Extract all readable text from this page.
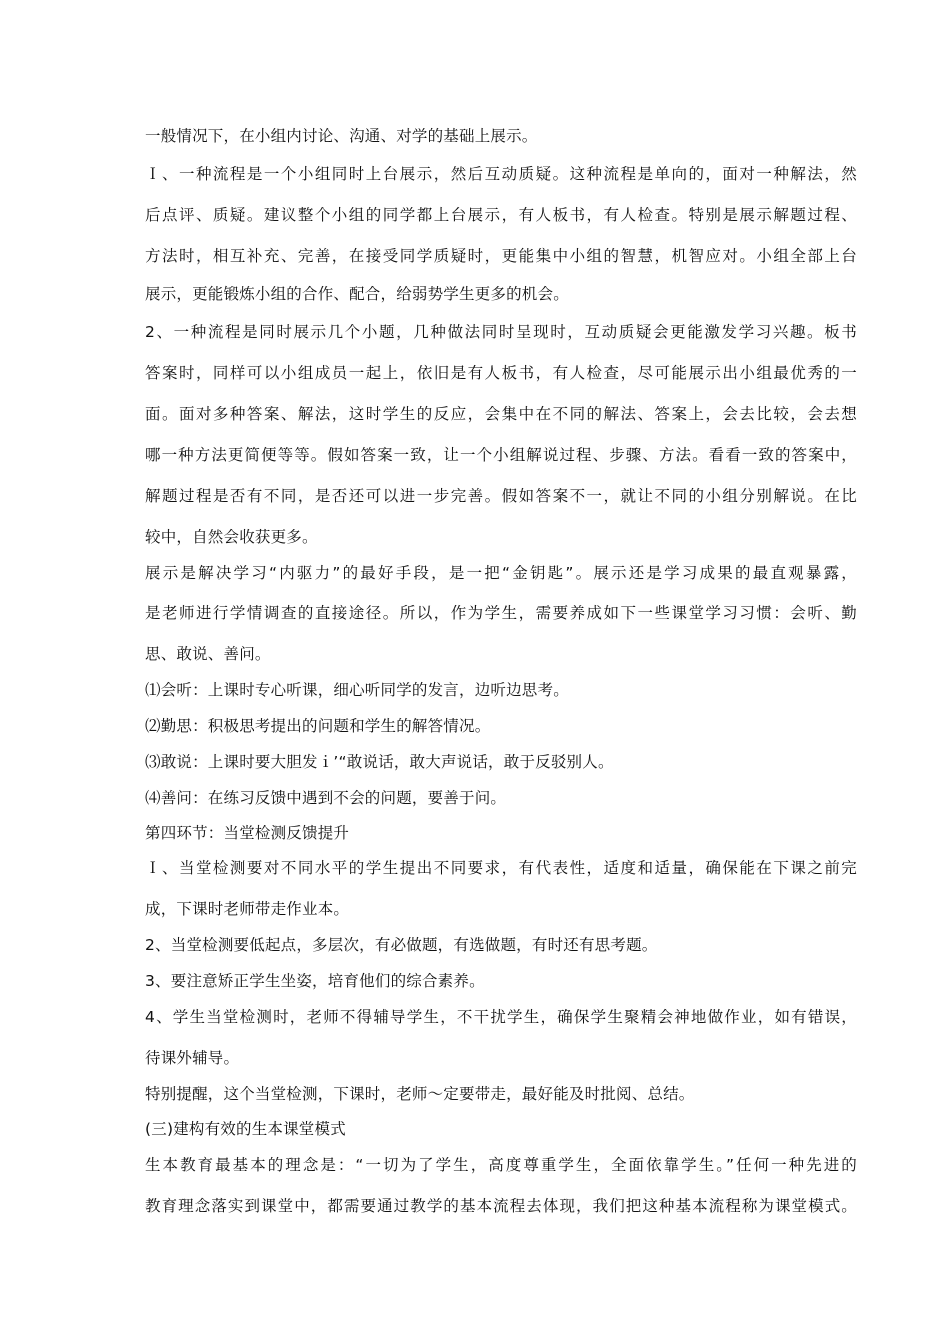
一般情况下，在小组内讨论、沟通、对学的基础上展示。
Ｉ、一种流程是一个小组同时上台展示，然后互动质疑。这种流程是单向的，面对一种解法，然
后点评、质疑。建议整个小组的同学都上台展示，有人板书，有人检查。特别是展示解题过程、
方法时，相互补充、完善，在接受同学质疑时，更能集中小组的智慧，机智应对。小组全部上台
展示，更能锻炼小组的合作、配合，给弱势学生更多的机会。
2、一种流程是同时展示几个小题，几种做法同时呈现时，互动质疑会更能激发学习兴趣。板书
答案时，同样可以小组成员一起上，依旧是有人板书，有人检查，尽可能展示出小组最优秀的一
面。面对多种答案、解法，这时学生的反应，会集中在不同的解法、答案上，会去比较，会去想
哪一种方法更简便等等。假如答案一致，让一个小组解说过程、步骤、方法。看看一致的答案中，
解题过程是否有不同，是否还可以进一步完善。假如答案不一，就让不同的小组分别解说。在比
较中，自然会收获更多。
展示是解决学习“内驱力”的最好手段，是一把“金钥匙”。展示还是学习成果的最直观暴露，
是老师进行学情调查的直接途径。所以，作为学生，需要养成如下一些课堂学习习惯：会听、勤
思、敢说、善问。
⑴会听：上课时专心听课，细心听同学的发言，边听边思考。
⑵勤思：积极思考提出的问题和学生的解答情况。
⑶敢说：上课时要大胆发ｉ’“敢说话，敢大声说话，敢于反驳别人。
⑷善问：在练习反馈中遇到不会的问题，要善于问。
第四环节：当堂检测反馈提升
Ｉ、当堂检测要对不同水平的学生提出不同要求，有代表性，适度和适量，确保能在下课之前完
成，下课时老师带走作业本。
2、当堂检测要低起点，多层次，有必做题，有选做题，有时还有思考题。
3、要注意矫正学生坐姿，培育他们的综合素养。
4、学生当堂检测时，老师不得辅导学生，不干扰学生，确保学生聚精会神地做作业，如有错误，
待课外辅导。
特别提醒，这个当堂检测，下课时，老师～定要带走，最好能及时批阅、总结。
(三)建构有效的生本课堂模式
生本教育最基本的理念是：“一切为了学生，高度尊重学生，全面依靠学生。”任何一种先进的
教育理念落实到课堂中，都需要通过教学的基本流程去体现，我们把这种基本流程称为课堂模式。
